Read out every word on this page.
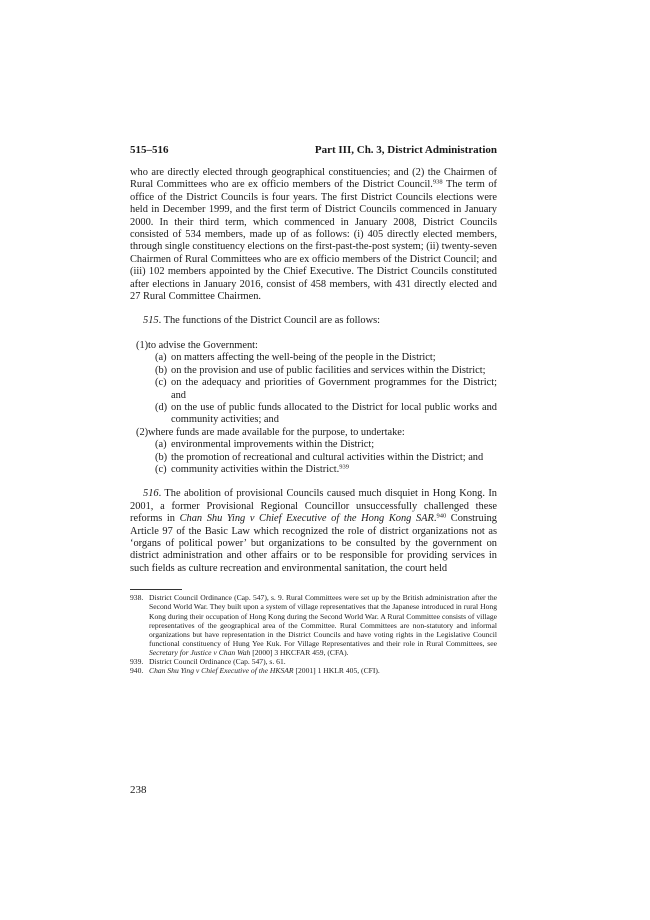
515–516	Part III, Ch. 3, District Administration

who are directly elected through geographical constituencies; and (2) the Chairmen of Rural Committees who are ex officio members of the District Council.$^{938}$ The term of office of the District Councils is four years. The first District Councils elections were held in December 1999, and the first term of District Councils commenced in January 2000. In their third term, which commenced in January 2008, District Councils consisted of 534 members, made up of as follows: (i) 405 directly elected members, through single constituency elections on the first-past-the-post system; (ii) twenty-seven Chairmen of Rural Committees who are ex officio members of the District Council; and (iii) 102 members appointed by the Chief Executive. The District Councils constituted after elections in January 2016, consist of 458 members, with 431 directly elected and 27 Rural Committee Chairmen.

515. The functions of the District Council are as follows:

(1) to advise the Government:
(a) on matters affecting the well-being of the people in the District;
(b) on the provision and use of public facilities and services within the District;
(c) on the adequacy and priorities of Government programmes for the District; and
(d) on the use of public funds allocated to the District for local public works and community activities; and
(2) where funds are made available for the purpose, to undertake:
(a) environmental improvements within the District;
(b) the promotion of recreational and cultural activities within the District; and
(c) community activities within the District.$^{939}$

516. The abolition of provisional Councils caused much disquiet in Hong Kong. In 2001, a former Provisional Regional Councillor unsuccessfully challenged these reforms in Chan Shu Ying v Chief Executive of the Hong Kong SAR.$^{940}$ Construing Article 97 of the Basic Law which recognized the role of district organizations not as ‘organs of political power’ but organizations to be consulted by the government on district administration and other affairs or to be responsible for providing services in such fields as culture recreation and environmental sanitation, the court held

938. District Council Ordinance (Cap. 547), s. 9. Rural Committees were set up by the British administration after the Second World War. They built upon a system of village representatives that the Japanese introduced in rural Hong Kong during their occupation of Hong Kong during the Second World War. A Rural Committee consists of village representatives of the geographical area of the Committee. Rural Committees are non-statutory and informal organizations but have representation in the District Councils and have voting rights in the Legislative Council functional constituency of Hung Yee Kuk. For Village Representatives and their role in Rural Committees, see Secretary for Justice v Chan Wah [2000] 3 HKCFAR 459, (CFA).
939. District Council Ordinance (Cap. 547), s. 61.
940. Chan Shu Ying v Chief Executive of the HKSAR [2001] 1 HKLR 405, (CFI).
238
